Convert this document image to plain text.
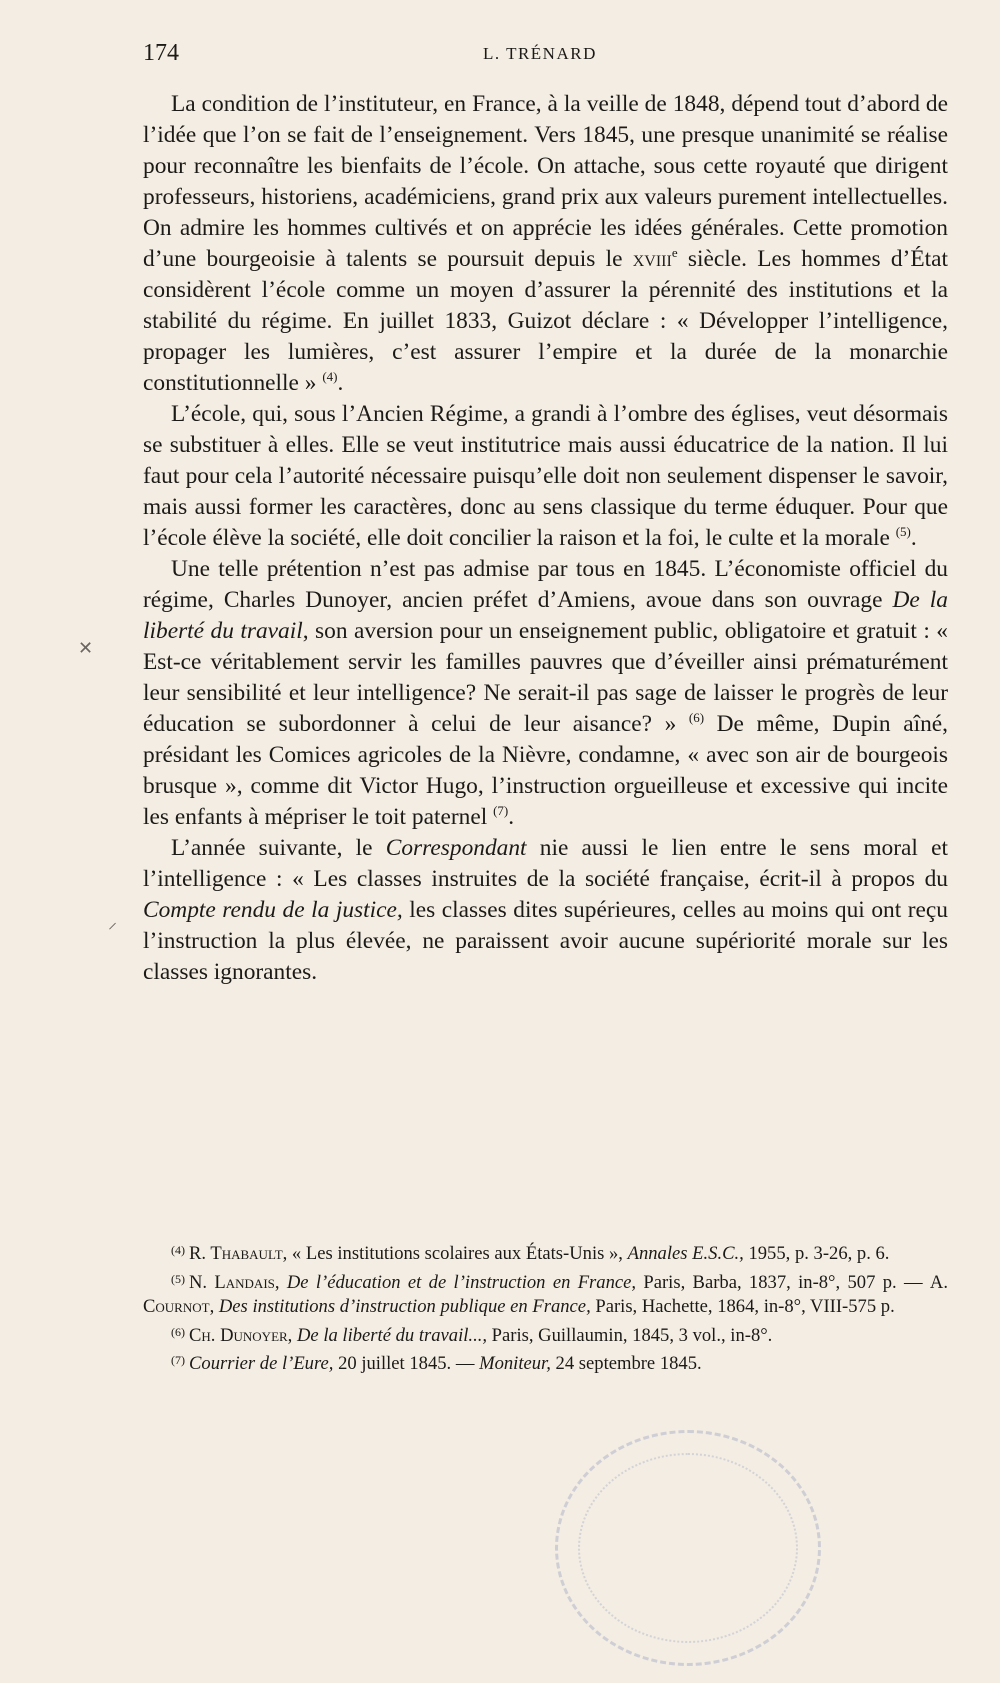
174	L. TRÉNARD
✕
⸝

La condition de l’instituteur, en France, à la veille de 1848, dépend tout d’abord de l’idée que l’on se fait de l’enseignement. Vers 1845, une presque unanimité se réalise pour reconnaître les bienfaits de l’école. On attache, sous cette royauté que dirigent professeurs, historiens, académiciens, grand prix aux valeurs purement intellectuelles. On admire les hommes cultivés et on apprécie les idées générales. Cette promotion d’une bourgeoisie à talents se poursuit depuis le xviii$^e$ siècle. Les hommes d’État considèrent l’école comme un moyen d’assurer la pérennité des institutions et la stabilité du régime. En juillet 1833, Guizot déclare : « Développer l’intelligence, propager les lumières, c’est assurer l’empire et la durée de la monarchie constitutionnelle » $^{(4)}$.

L’école, qui, sous l’Ancien Régime, a grandi à l’ombre des églises, veut désormais se substituer à elles. Elle se veut institutrice mais aussi éducatrice de la nation. Il lui faut pour cela l’autorité nécessaire puisqu’elle doit non seulement dispenser le savoir, mais aussi former les caractères, donc au sens classique du terme éduquer. Pour que l’école élève la société, elle doit concilier la raison et la foi, le culte et la morale $^{(5)}$.

Une telle prétention n’est pas admise par tous en 1845. L’économiste officiel du régime, Charles Dunoyer, ancien préfet d’Amiens, avoue dans son ouvrage De la liberté du travail, son aversion pour un enseignement public, obligatoire et gratuit : « Est-ce véritablement servir les familles pauvres que d’éveiller ainsi prématurément leur sensibilité et leur intelligence? Ne serait-il pas sage de laisser le progrès de leur éducation se subordonner à celui de leur aisance? » $^{(6)}$ De même, Dupin aîné, présidant les Comices agricoles de la Nièvre, condamne, « avec son air de bourgeois brusque », comme dit Victor Hugo, l’instruction orgueilleuse et excessive qui incite les enfants à mépriser le toit paternel $^{(7)}$.

L’année suivante, le Correspondant nie aussi le lien entre le sens moral et l’intelligence : « Les classes instruites de la société française, écrit-il à propos du Compte rendu de la justice, les classes dites supérieures, celles au moins qui ont reçu l’instruction la plus élevée, ne paraissent avoir aucune supériorité morale sur les classes ignorantes.

$^{(4)}$ R. Thabault, « Les institutions scolaires aux États-Unis », Annales E.S.C., 1955, p. 3-26, p. 6.

$^{(5)}$ N. Landais, De l’éducation et de l’instruction en France, Paris, Barba, 1837, in-8°, 507 p. — A. Cournot, Des institutions d’instruction publique en France, Paris, Hachette, 1864, in-8°, VIII-575 p.

$^{(6)}$ Ch. Dunoyer, De la liberté du travail..., Paris, Guillaumin, 1845, 3 vol., in-8°.

$^{(7)}$ Courrier de l’Eure, 20 juillet 1845. — Moniteur, 24 septembre 1845.
